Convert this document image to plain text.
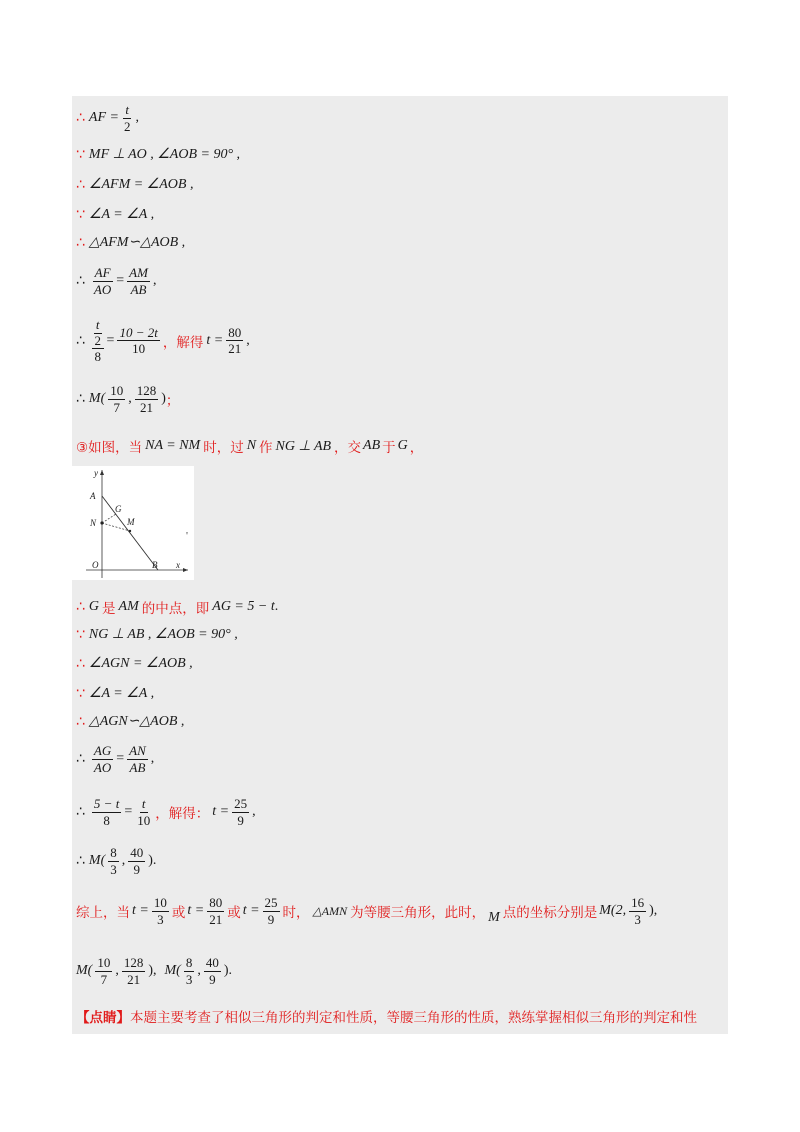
∴ AF = $\frac{t}{2}$ ,
∵ MF ⊥ AO , ∠AOB = 90° ,
∴ ∠AFM = ∠AOB ,
∵ ∠A = ∠A ,
∴ △AFM∽△AOB ,
∴ $\frac{AF}{AO} = \frac{AM}{AB}$ ,
∴ $\frac{\frac{t}{2}}{8} = \frac{10 - 2t}{10}$ ， 解得 $t = \frac{80}{21}$ ,
∴ $M( \frac{10}{7}$ , $\frac{128}{21}$ ) ；
③如图，当 NA = NM 时，过 N 作 NG ⊥ AB ，交 AB 于 G ，
y
A
G
M
N
O	B x
'
∴ G 是 AM 的中点，即 AG = 5 − t .
∵ NG ⊥ AB , ∠AOB = 90° ,
∴ ∠AGN = ∠AOB ,
∵ ∠A = ∠A ,
∴ △AGN∽△AOB ,
∴ $\frac{AG}{AO} = \frac{AN}{AB}$ ,
∴ $\frac{5 - t}{8} = \frac{t}{10}$ ， 解得： $t = \frac{25}{9}$ ,
∴ $M( \frac{8}{3}$ , $\frac{40}{9}$ ) .
综上，当 $t = \frac{10}{3}$ 或 $t = \frac{80}{21}$ 或 $t = \frac{25}{9}$ 时， △AMN 为等腰三角形，此时， M 点的坐标分别是 M(2, $\frac{16}{3}$ ),
$M( \frac{10}{7}$ , $\frac{128}{21}$ ), $M( \frac{8}{3}$ , $\frac{40}{9}$ ).
【点睛】 本题主要考查了相似三角形的判定和性质，等腰三角形的性质，熟练掌握相似三角形的判定和性
